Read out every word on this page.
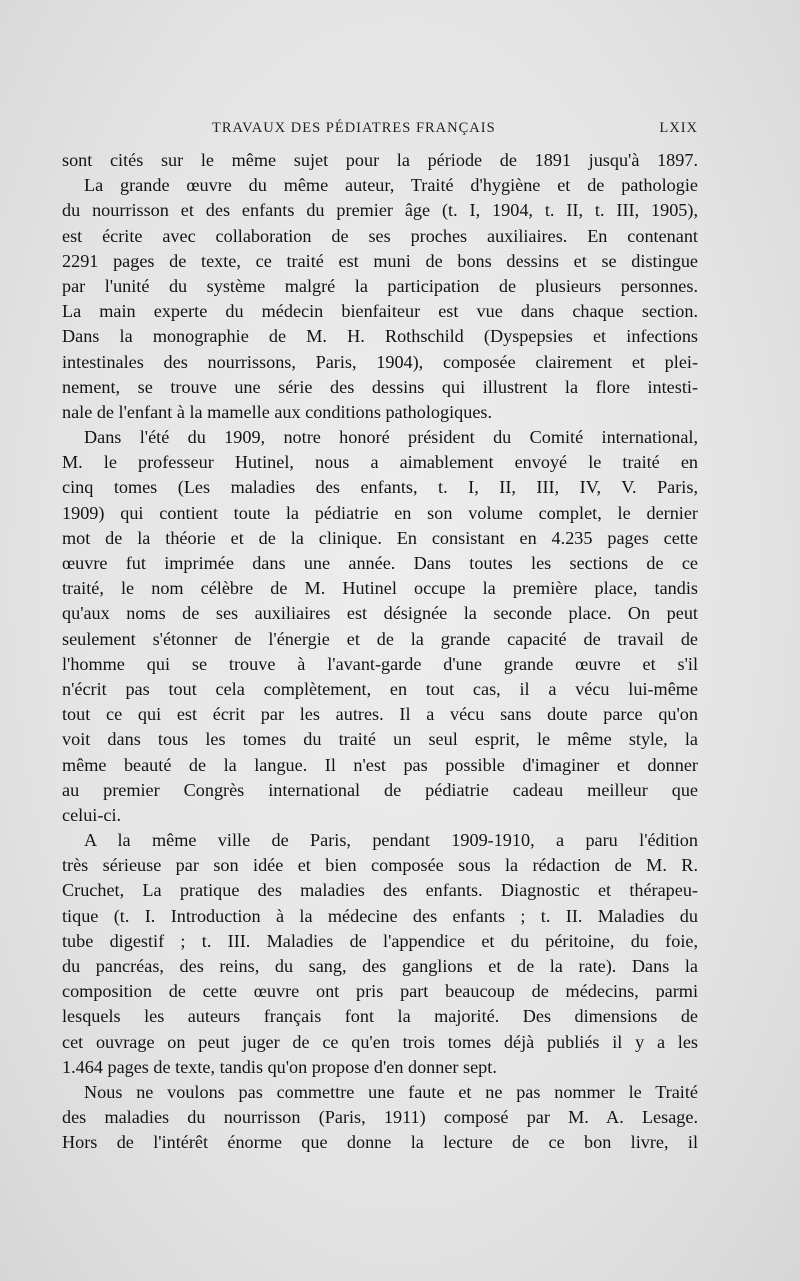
TRAVAUX DES PÉDIATRES FRANÇAIS	LXIX
sont cités sur le même sujet pour la période de 1891 jusqu'à 1897.
La grande œuvre du même auteur, Traité d'hygiène et de pathologie
du nourrisson et des enfants du premier âge (t. I, 1904, t. II, t. III, 1905),
est écrite avec collaboration de ses proches auxiliaires. En contenant
2291 pages de texte, ce traité est muni de bons dessins et se distingue
par l'unité du système malgré la participation de plusieurs personnes.
La main experte du médecin bienfaiteur est vue dans chaque section.
Dans la monographie de M. H. Rothschild (Dyspepsies et infections
intestinales des nourrissons, Paris, 1904), composée clairement et plei-
nement, se trouve une série des dessins qui illustrent la flore intesti-
nale de l'enfant à la mamelle aux conditions pathologiques.
Dans l'été du 1909, notre honoré président du Comité international,
M. le professeur Hutinel, nous a aimablement envoyé le traité en
cinq tomes (Les maladies des enfants, t. I, II, III, IV, V. Paris,
1909) qui contient toute la pédiatrie en son volume complet, le dernier
mot de la théorie et de la clinique. En consistant en 4.235 pages cette
œuvre fut imprimée dans une année. Dans toutes les sections de ce
traité, le nom célèbre de M. Hutinel occupe la première place, tandis
qu'aux noms de ses auxiliaires est désignée la seconde place. On peut
seulement s'étonner de l'énergie et de la grande capacité de travail de
l'homme qui se trouve à l'avant-garde d'une grande œuvre et s'il
n'écrit pas tout cela complètement, en tout cas, il a vécu lui-même
tout ce qui est écrit par les autres. Il a vécu sans doute parce qu'on
voit dans tous les tomes du traité un seul esprit, le même style, la
même beauté de la langue. Il n'est pas possible d'imaginer et donner
au premier Congrès international de pédiatrie cadeau meilleur que
celui-ci.
A la même ville de Paris, pendant 1909-1910, a paru l'édition
très sérieuse par son idée et bien composée sous la rédaction de M. R.
Cruchet, La pratique des maladies des enfants. Diagnostic et thérapeu-
tique (t. I. Introduction à la médecine des enfants ; t. II. Maladies du
tube digestif ; t. III. Maladies de l'appendice et du péritoine, du foie,
du pancréas, des reins, du sang, des ganglions et de la rate). Dans la
composition de cette œuvre ont pris part beaucoup de médecins, parmi
lesquels les auteurs français font la majorité. Des dimensions de
cet ouvrage on peut juger de ce qu'en trois tomes déjà publiés il y a les
1.464 pages de texte, tandis qu'on propose d'en donner sept.
Nous ne voulons pas commettre une faute et ne pas nommer le Traité
des maladies du nourrisson (Paris, 1911) composé par M. A. Lesage.
Hors de l'intérêt énorme que donne la lecture de ce bon livre, il
